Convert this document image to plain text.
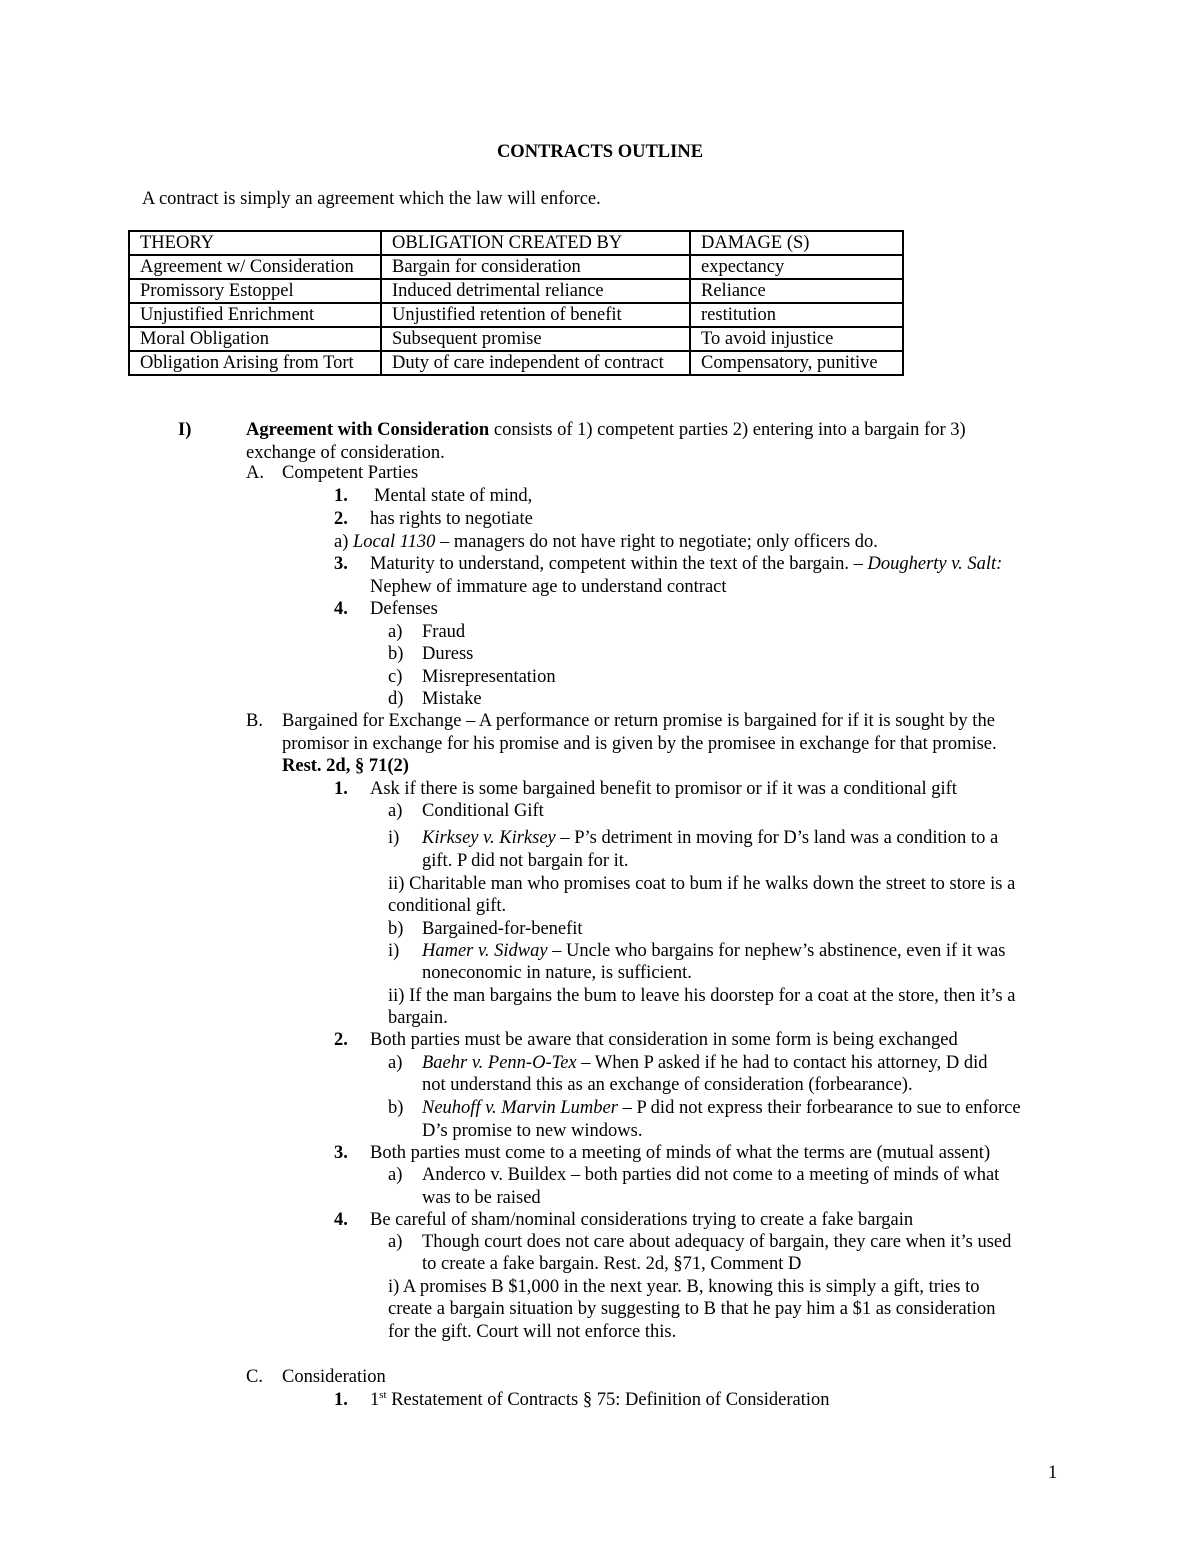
CONTRACTS OUTLINE
A contract is simply an agreement which the law will enforce.
THEORY	OBLIGATION CREATED BY	DAMAGE (S)
Agreement w/ Consideration	Bargain for consideration	expectancy
Promissory Estoppel	Induced detrimental reliance	Reliance
Unjustified Enrichment	Unjustified retention of benefit	restitution
Moral Obligation	Subsequent promise	To avoid injustice
Obligation Arising from Tort	Duty of care independent of contract	Compensatory, punitive
I)	Agreement with Consideration consists of 1) competent parties 2) entering into a bargain for 3)
exchange of consideration.
A. Competent Parties
1. Mental state of mind,
2. has rights to negotiate
a) Local 1130 – managers do not have right to negotiate; only officers do.
3. Maturity to understand, competent within the text of the bargain. – Dougherty v. Salt:
Nephew of immature age to understand contract
4. Defenses
a) Fraud
b) Duress
c) Misrepresentation
d) Mistake
B. Bargained for Exchange – A performance or return promise is bargained for if it is sought by the
promisor in exchange for his promise and is given by the promisee in exchange for that promise.
Rest. 2d, § 71(2)
1. Ask if there is some bargained benefit to promisor or if it was a conditional gift
a) Conditional Gift
i) Kirksey v. Kirksey – P’s detriment in moving for D’s land was a condition to a
gift. P did not bargain for it.
ii) Charitable man who promises coat to bum if he walks down the street to store is a
conditional gift.
b) Bargained-for-benefit
i) Hamer v. Sidway – Uncle who bargains for nephew’s abstinence, even if it was
noneconomic in nature, is sufficient.
ii) If the man bargains the bum to leave his doorstep for a coat at the store, then it’s a
bargain.
2. Both parties must be aware that consideration in some form is being exchanged
a) Baehr v. Penn-O-Tex – When P asked if he had to contact his attorney, D did
not understand this as an exchange of consideration (forbearance).
b) Neuhoff v. Marvin Lumber – P did not express their forbearance to sue to enforce
D’s promise to new windows.
3. Both parties must come to a meeting of minds of what the terms are (mutual assent)
a) Anderco v. Buildex – both parties did not come to a meeting of minds of what
was to be raised
4. Be careful of sham/nominal considerations trying to create a fake bargain
a) Though court does not care about adequacy of bargain, they care when it’s used
to create a fake bargain. Rest. 2d, §71, Comment D
i) A promises B $1,000 in the next year. B, knowing this is simply a gift, tries to
create a bargain situation by suggesting to B that he pay him a $1 as consideration
for the gift. Court will not enforce this.
C. Consideration
1. 1st Restatement of Contracts § 75: Definition of Consideration
1
